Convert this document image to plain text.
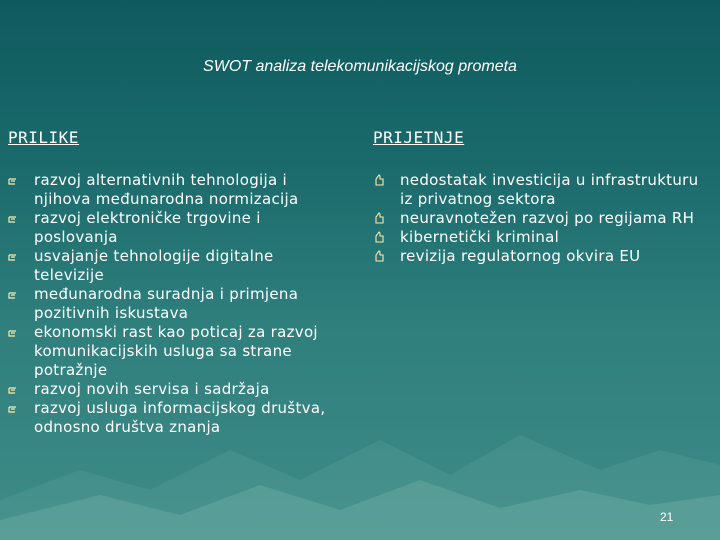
SWOT analiza telekomunikacijskog prometa
PRILIKE
razvoj alternativnih tehnologija i njihova međunarodna normizacija
razvoj elektroničke trgovine i poslovanja
usvajanje tehnologije digitalne televizije
međunarodna suradnja i primjena pozitivnih iskustava
ekonomski rast kao poticaj za razvoj komunikacijskih usluga sa strane potražnje
razvoj novih servisa i sadržaja
razvoj usluga informacijskog društva, odnosno društva znanja
PRIJETNJE
nedostatak investicija u infrastrukturu iz privatnog sektora
neuravnotežen razvoj po regijama RH
kibernetički kriminal
revizija regulatornog okvira EU
21
